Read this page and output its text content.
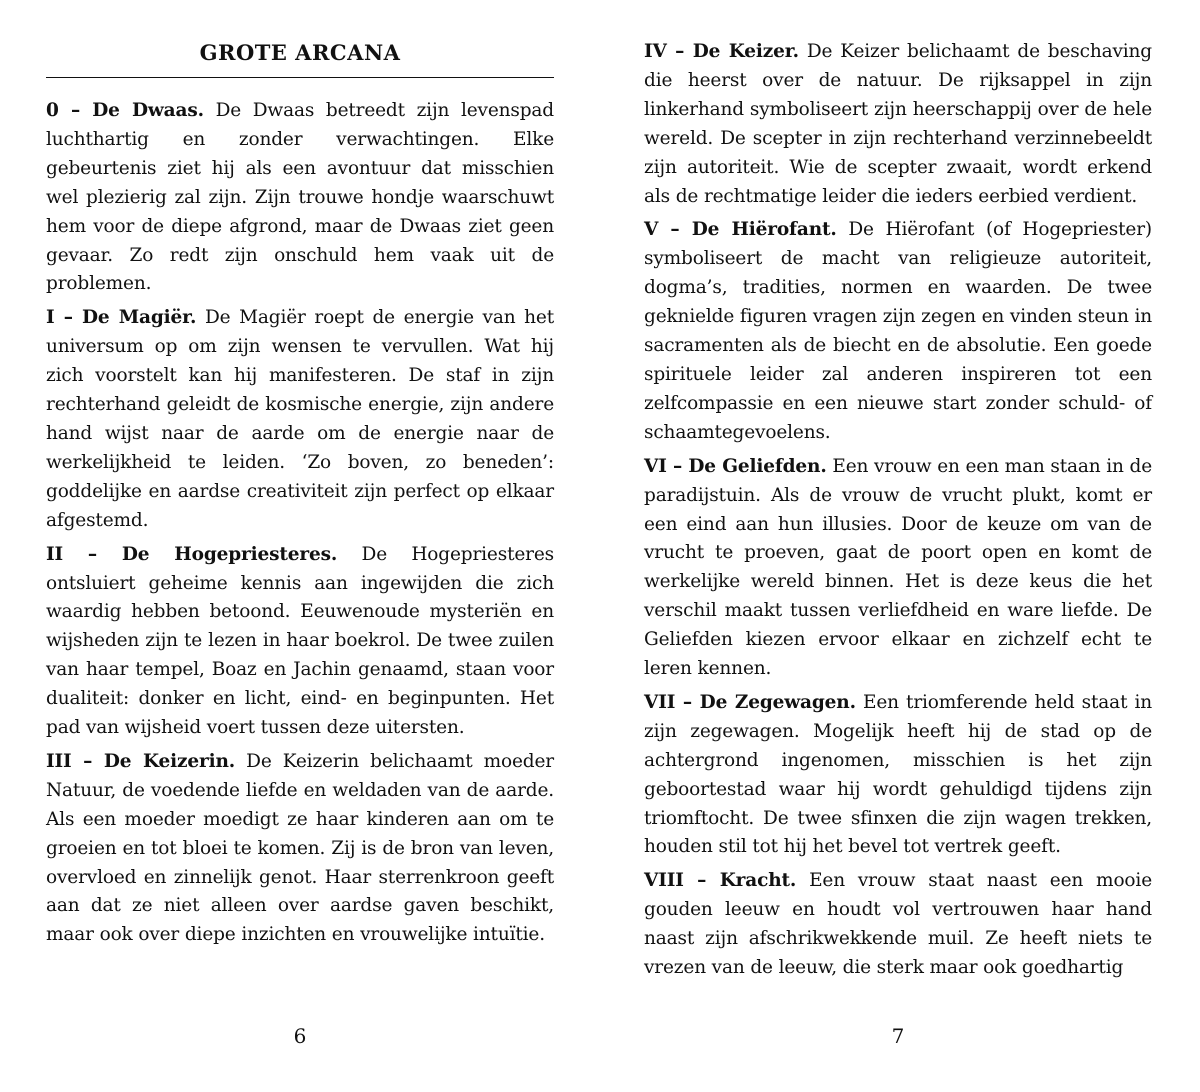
GROTE ARCANA

0 – De Dwaas. De Dwaas betreedt zijn levenspad luchthartig en zonder verwachtingen. Elke gebeurtenis ziet hij als een avontuur dat misschien wel plezierig zal zijn. Zijn trouwe hondje waarschuwt hem voor de diepe afgrond, maar de Dwaas ziet geen gevaar. Zo redt zijn onschuld hem vaak uit de problemen.

I – De Magiër. De Magiër roept de energie van het universum op om zijn wensen te vervullen. Wat hij zich voorstelt kan hij manifesteren. De staf in zijn rechterhand geleidt de kosmische energie, zijn andere hand wijst naar de aarde om de energie naar de werkelijkheid te leiden. ‘Zo boven, zo beneden’: goddelijke en aardse creativiteit zijn perfect op elkaar afgestemd.

II – De Hogepriesteres. De Hogepriesteres ontsluiert geheime kennis aan ingewijden die zich waardig hebben betoond. Eeuwenoude mysteriën en wijsheden zijn te lezen in haar boekrol. De twee zuilen van haar tempel, Boaz en Jachin genaamd, staan voor dualiteit: donker en licht, eind- en beginpunten. Het pad van wijsheid voert tussen deze uitersten.

III – De Keizerin. De Keizerin belichaamt moeder Natuur, de voedende liefde en weldaden van de aarde. Als een moeder moedigt ze haar kinderen aan om te groeien en tot bloei te komen. Zij is de bron van leven, overvloed en zinnelijk genot. Haar sterrenkroon geeft aan dat ze niet alleen over aardse gaven beschikt, maar ook over diepe inzichten en vrouwelijke intuïtie.

6

IV – De Keizer. De Keizer belichaamt de beschaving die heerst over de natuur. De rijksappel in zijn linkerhand symboliseert zijn heerschappij over de hele wereld. De scepter in zijn rechterhand verzinnebeeldt zijn autoriteit. Wie de scepter zwaait, wordt erkend als de rechtmatige leider die ieders eerbied verdient.

V – De Hiërofant. De Hiërofant (of Hogepriester) symboliseert de macht van religieuze autoriteit, dogma’s, tradities, normen en waarden. De twee geknielde figuren vragen zijn zegen en vinden steun in sacramenten als de biecht en de absolutie. Een goede spirituele leider zal anderen inspireren tot een zelfcompassie en een nieuwe start zonder schuld- of schaamtegevoelens.

VI – De Geliefden. Een vrouw en een man staan in de paradijstuin. Als de vrouw de vrucht plukt, komt er een eind aan hun illusies. Door de keuze om van de vrucht te proeven, gaat de poort open en komt de werkelijke wereld binnen. Het is deze keus die het verschil maakt tussen verliefdheid en ware liefde. De Geliefden kiezen ervoor elkaar en zichzelf echt te leren kennen.

VII – De Zegewagen. Een triomferende held staat in zijn zegewagen. Mogelijk heeft hij de stad op de achtergrond ingenomen, misschien is het zijn geboortestad waar hij wordt gehuldigd tijdens zijn triomftocht. De twee sfinxen die zijn wagen trekken, houden stil tot hij het bevel tot vertrek geeft.

VIII – Kracht. Een vrouw staat naast een mooie gouden leeuw en houdt vol vertrouwen haar hand naast zijn afschrikwekkende muil. Ze heeft niets te vrezen van de leeuw, die sterk maar ook goedhartig

7
